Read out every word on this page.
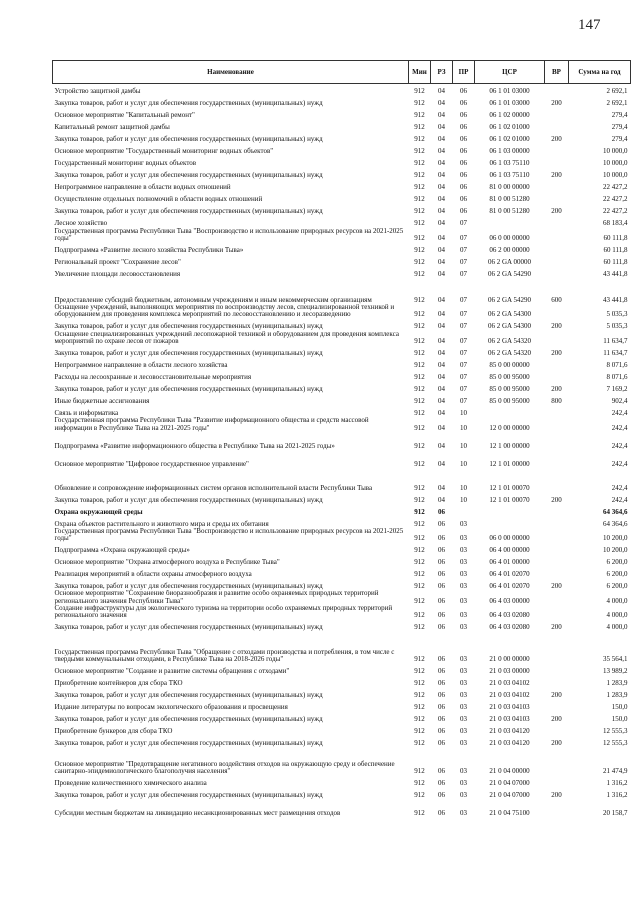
147
Наименование	Мин	РЗ	ПР	ЦСР	ВР	Сумма на год
Устройство защитной дамбы	912	04	06	06 1 01 03000		2 692,1
Закупка товаров, работ и услуг для обеспечения государственных (муниципальных) нужд	912	04	06	06 1 01 03000	200	2 692,1
Основное мероприятие "Капитальный ремонт"	912	04	06	06 1 02 00000		279,4
Капитальный ремонт защитной дамбы	912	04	06	06 1 02 01000		279,4
Закупка товаров, работ и услуг для обеспечения государственных (муниципальных) нужд	912	04	06	06 1 02 01000	200	279,4
Основное мероприятие "Государственный мониторинг водных объектов"	912	04	06	06 1 03 00000		10 000,0
Государственный мониторинг водных объектов	912	04	06	06 1 03 75110		10 000,0
Закупка товаров, работ и услуг для обеспечения государственных (муниципальных) нужд	912	04	06	06 1 03 75110	200	10 000,0
Непрограммное направление в области водных отношений	912	04	06	81 0 00 00000		22 427,2
Осуществление отдельных полномочий в области водных отношений	912	04	06	81 0 00 51280		22 427,2
Закупка товаров, работ и услуг для обеспечения государственных (муниципальных) нужд	912	04	06	81 0 00 51280	200	22 427,2
Лесное хозяйство	912	04	07			68 183,4
Государственная программа Республики Тыва "Воспроизводство и использование природных ресурсов на 2021-2025 годы"	912	04	07	06 0 00 00000		60 111,8
Подпрограмма «Развитие лесного хозяйства Республики Тыва»	912	04	07	06 2 00 00000		60 111,8
Региональный проект "Сохранение лесов"	912	04	07	06 2 GA 00000		60 111,8
Увеличение площади лесовосстановления	912	04	07	06 2 GA 54290		43 441,8
Предоставление субсидий бюджетным, автономным учреждениям и иным некоммерческим организациям	912	04	07	06 2 GA 54290	600	43 441,8
Оснащение учреждений, выполняющих мероприятия по воспроизводству лесов, специализированной техникой и оборудованием для проведения комплекса мероприятий по лесовосстановлению и лесоразведению	912	04	07	06 2 GA 54300		5 035,3
Закупка товаров, работ и услуг для обеспечения государственных (муниципальных) нужд	912	04	07	06 2 GA 54300	200	5 035,3
Оснащение специализированных учреждений лесопожарной техникой и оборудованием для проведения комплекса мероприятий по охране лесов от пожаров	912	04	07	06 2 GA 54320		11 634,7
Закупка товаров, работ и услуг для обеспечения государственных (муниципальных) нужд	912	04	07	06 2 GA 54320	200	11 634,7
Непрограммное направление в области лесного хозяйства	912	04	07	85 0 00 00000		8 071,6
Расходы на лесоохранные и лесовосстановительные мероприятия	912	04	07	85 0 00 95000		8 071,6
Закупка товаров, работ и услуг для обеспечения государственных (муниципальных) нужд	912	04	07	85 0 00 95000	200	7 169,2
Иные бюджетные ассигнования	912	04	07	85 0 00 95000	800	902,4
Связь и информатика	912	04	10			242,4
Государственная программа Республики Тыва "Развитие информационного общества и средств массовой информации в Республике Тыва на 2021-2025 годы"	912	04	10	12 0 00 00000		242,4
Подпрограмма «Развитие информационного общества в Республике Тыва на 2021-2025 годы»	912	04	10	12 1 00 00000		242,4
Основное мероприятие "Цифровое государственное управление"	912	04	10	12 1 01 00000		242,4
Обновление и сопровождение информационных систем органов исполнительной власти Республики Тыва	912	04	10	12 1 01 00070		242,4
Закупка товаров, работ и услуг для обеспечения государственных (муниципальных) нужд	912	04	10	12 1 01 00070	200	242,4
Охрана окружающей среды	912	06				64 364,6
Охрана объектов растительного и животного мира и среды их обитания	912	06	03			64 364,6
Государственная программа Республики Тыва "Воспроизводство и использование природных ресурсов на 2021-2025 годы"	912	06	03	06 0 00 00000		10 200,0
Подпрограмма «Охрана окружающей среды»	912	06	03	06 4 00 00000		10 200,0
Основное мероприятие "Охрана атмосферного воздуха в Республике Тыва"	912	06	03	06 4 01 00000		6 200,0
Реализация мероприятий в области охраны атмосферного воздуха	912	06	03	06 4 01 02070		6 200,0
Закупка товаров, работ и услуг для обеспечения государственных (муниципальных) нужд	912	06	03	06 4 01 02070	200	6 200,0
Основное мероприятие "Сохранение биоразнообразия и развитие особо охраняемых природных территорий регионального значения Республики Тыва"	912	06	03	06 4 03 00000		4 000,0
Создание инфраструктуры для экологического туризма на территории особо охраняемых природных территорий регионального значения	912	06	03	06 4 03 02080		4 000,0
Закупка товаров, работ и услуг для обеспечения государственных (муниципальных) нужд	912	06	03	06 4 03 02080	200	4 000,0
Государственная программа Республики Тыва "Обращение с отходами производства и потребления, в том числе с твердыми коммунальными отходами, в Республике Тыва на 2018-2026 годы"	912	06	03	21 0 00 00000		35 564,1
Основное мероприятие "Создание и развитие системы обращения с отходами"	912	06	03	21 0 03 00000		13 989,2
Приобретение контейнеров для сбора ТКО	912	06	03	21 0 03 04102		1 283,9
Закупка товаров, работ и услуг для обеспечения государственных (муниципальных) нужд	912	06	03	21 0 03 04102	200	1 283,9
Издание литературы по вопросам экологического образования и просвещения	912	06	03	21 0 03 04103		150,0
Закупка товаров, работ и услуг для обеспечения государственных (муниципальных) нужд	912	06	03	21 0 03 04103	200	150,0
Приобретение бункеров для сбора ТКО	912	06	03	21 0 03 04120		12 555,3
Закупка товаров, работ и услуг для обеспечения государственных (муниципальных) нужд	912	06	03	21 0 03 04120	200	12 555,3
Основное мероприятие "Предотвращение негативного воздействия отходов на окружающую среду и обеспечение санитарно-эпидемиологического благополучия населения"	912	06	03	21 0 04 00000		21 474,9
Проведение количественного химического анализа	912	06	03	21 0 04 07000		1 316,2
Закупка товаров, работ и услуг для обеспечения государственных (муниципальных) нужд	912	06	03	21 0 04 07000	200	1 316,2
Субсидии местным бюджетам на ликвидацию несанкционированных мест размещения отходов	912	06	03	21 0 04 75100		20 158,7
